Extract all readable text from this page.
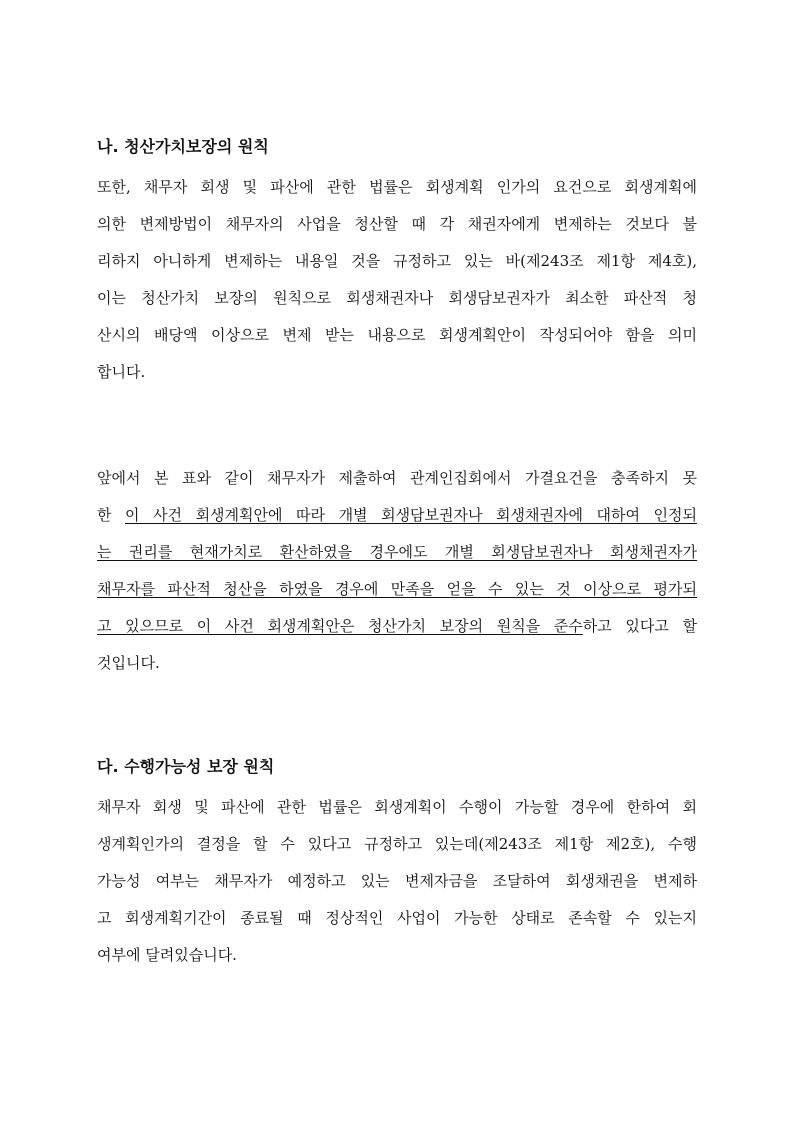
나. 청산가치보장의 원칙
또한, 채무자 회생 및 파산에 관한 법률은 회생계획 인가의 요건으로 회생계획에
의한 변제방법이 채무자의 사업을 청산할 때 각 채권자에게 변제하는 것보다 불
리하지 아니하게 변제하는 내용일 것을 규정하고 있는 바(제243조 제1항 제4호),
이는 청산가치 보장의 원칙으로 회생채권자나 회생담보권자가 최소한 파산적 청
산시의 배당액 이상으로 변제 받는 내용으로 회생계획안이 작성되어야 함을 의미
합니다.
앞에서 본 표와 같이 채무자가 제출하여 관계인집회에서 가결요건을 충족하지 못
한 이 사건 회생계획안에 따라 개별 회생담보권자나 회생채권자에 대하여 인정되
는 권리를 현재가치로 환산하였을 경우에도 개별 회생담보권자나 회생채권자가
채무자를 파산적 청산을 하였을 경우에 만족을 얻을 수 있는 것 이상으로 평가되
고 있으므로 이 사건 회생계획안은 청산가치 보장의 원칙을 준수하고 있다고 할
것입니다.
다. 수행가능성 보장 원칙
채무자 회생 및 파산에 관한 법률은 회생계획이 수행이 가능할 경우에 한하여 회
생계획인가의 결정을 할 수 있다고 규정하고 있는데(제243조 제1항 제2호), 수행
가능성 여부는 채무자가 예정하고 있는 변제자금을 조달하여 회생채권을 변제하
고 회생계획기간이 종료될 때 정상적인 사업이 가능한 상태로 존속할 수 있는지
여부에 달려있습니다.
